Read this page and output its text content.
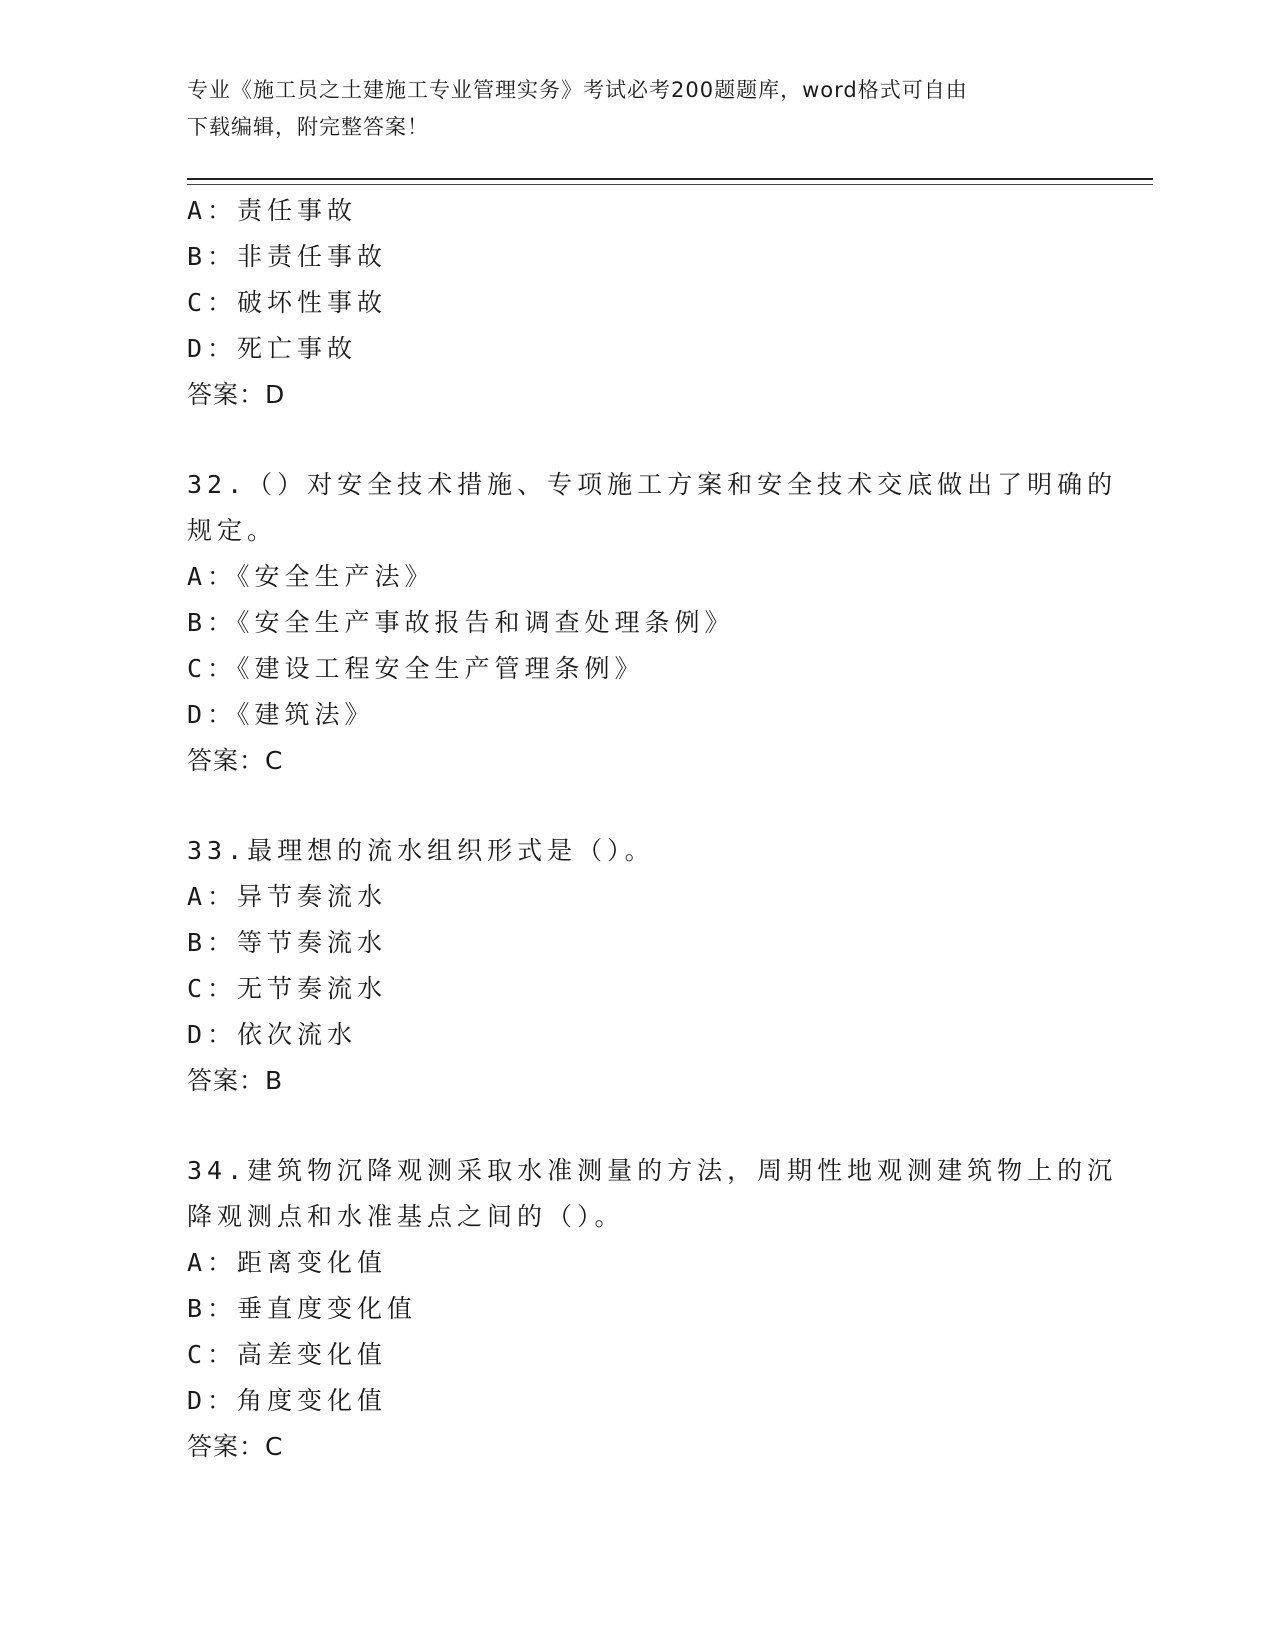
专业《施工员之土建施工专业管理实务》考试必考200题题库，word格式可自由
下载编辑，附完整答案！
A：责任事故
B：非责任事故
C：破坏性事故
D：死亡事故
答案：D
32.（）对安全技术措施、专项施工方案和安全技术交底做出了明确的
规定。
A：《安全生产法》
B：《安全生产事故报告和调查处理条例》
C：《建设工程安全生产管理条例》
D：《建筑法》
答案：C
33.最理想的流水组织形式是（）。
A：异节奏流水
B：等节奏流水
C：无节奏流水
D：依次流水
答案：B
34.建筑物沉降观测采取水准测量的方法，周期性地观测建筑物上的沉
降观测点和水准基点之间的（）。
A：距离变化值
B：垂直度变化值
C：高差变化值
D：角度变化值
答案：C
